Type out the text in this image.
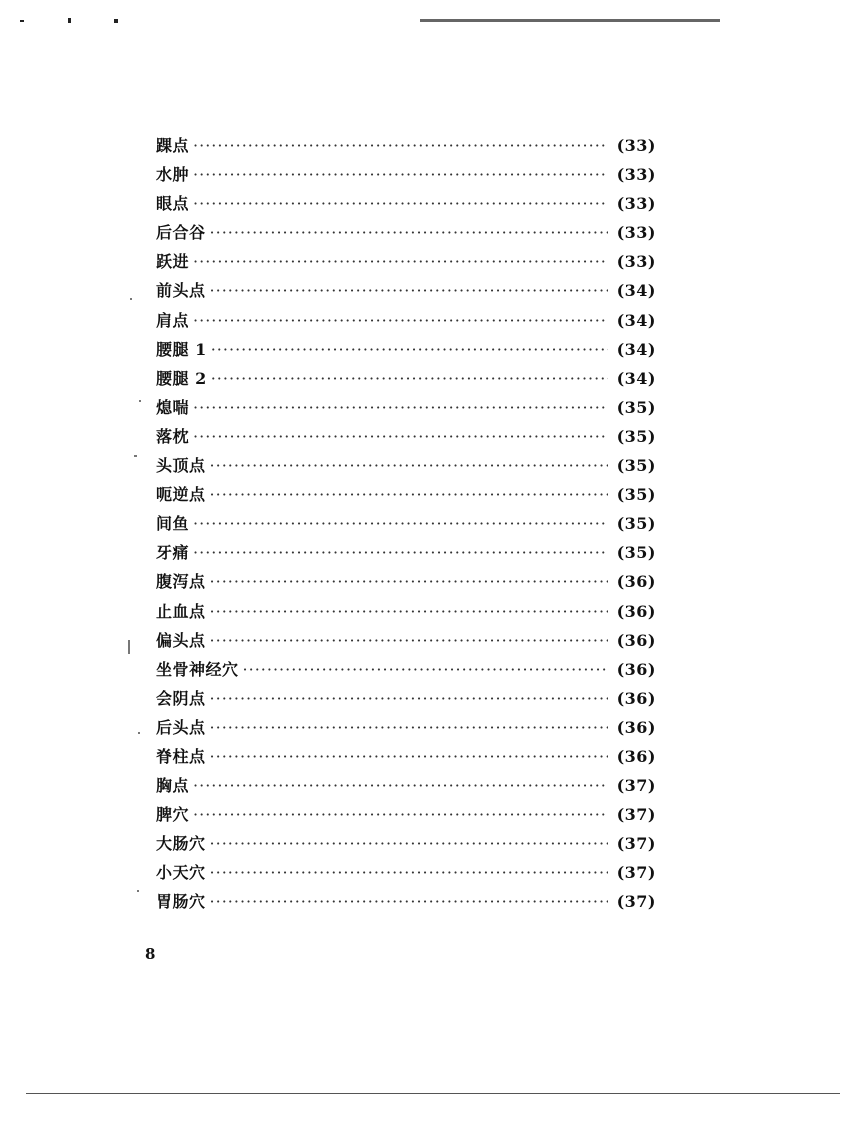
踝点 ·····	(33)
水肿 ·····	(33)
眼点 ·····	(33)
后合谷 ·····	(33)
跃进 ·····	(33)
前头点 ·····	(34)
肩点 ·····	(34)
腰腿 1 ·····	(34)
腰腿 2 ·····	(34)
熄喘 ·····	(35)
落枕 ·····	(35)
头顶点 ·····	(35)
呃逆点 ·····	(35)
间鱼 ·····	(35)
牙痛 ·····	(35)
腹泻点 ·····	(36)
止血点 ·····	(36)
偏头点 ·····	(36)
坐骨神经穴 ·····	(36)
会阴点 ·····	(36)
后头点 ·····	(36)
脊柱点 ·····	(36)
胸点 ·····	(37)
脾穴 ·····	(37)
大肠穴 ·····	(37)
小天穴 ·····	(37)
胃肠穴 ·····	(37)
8
